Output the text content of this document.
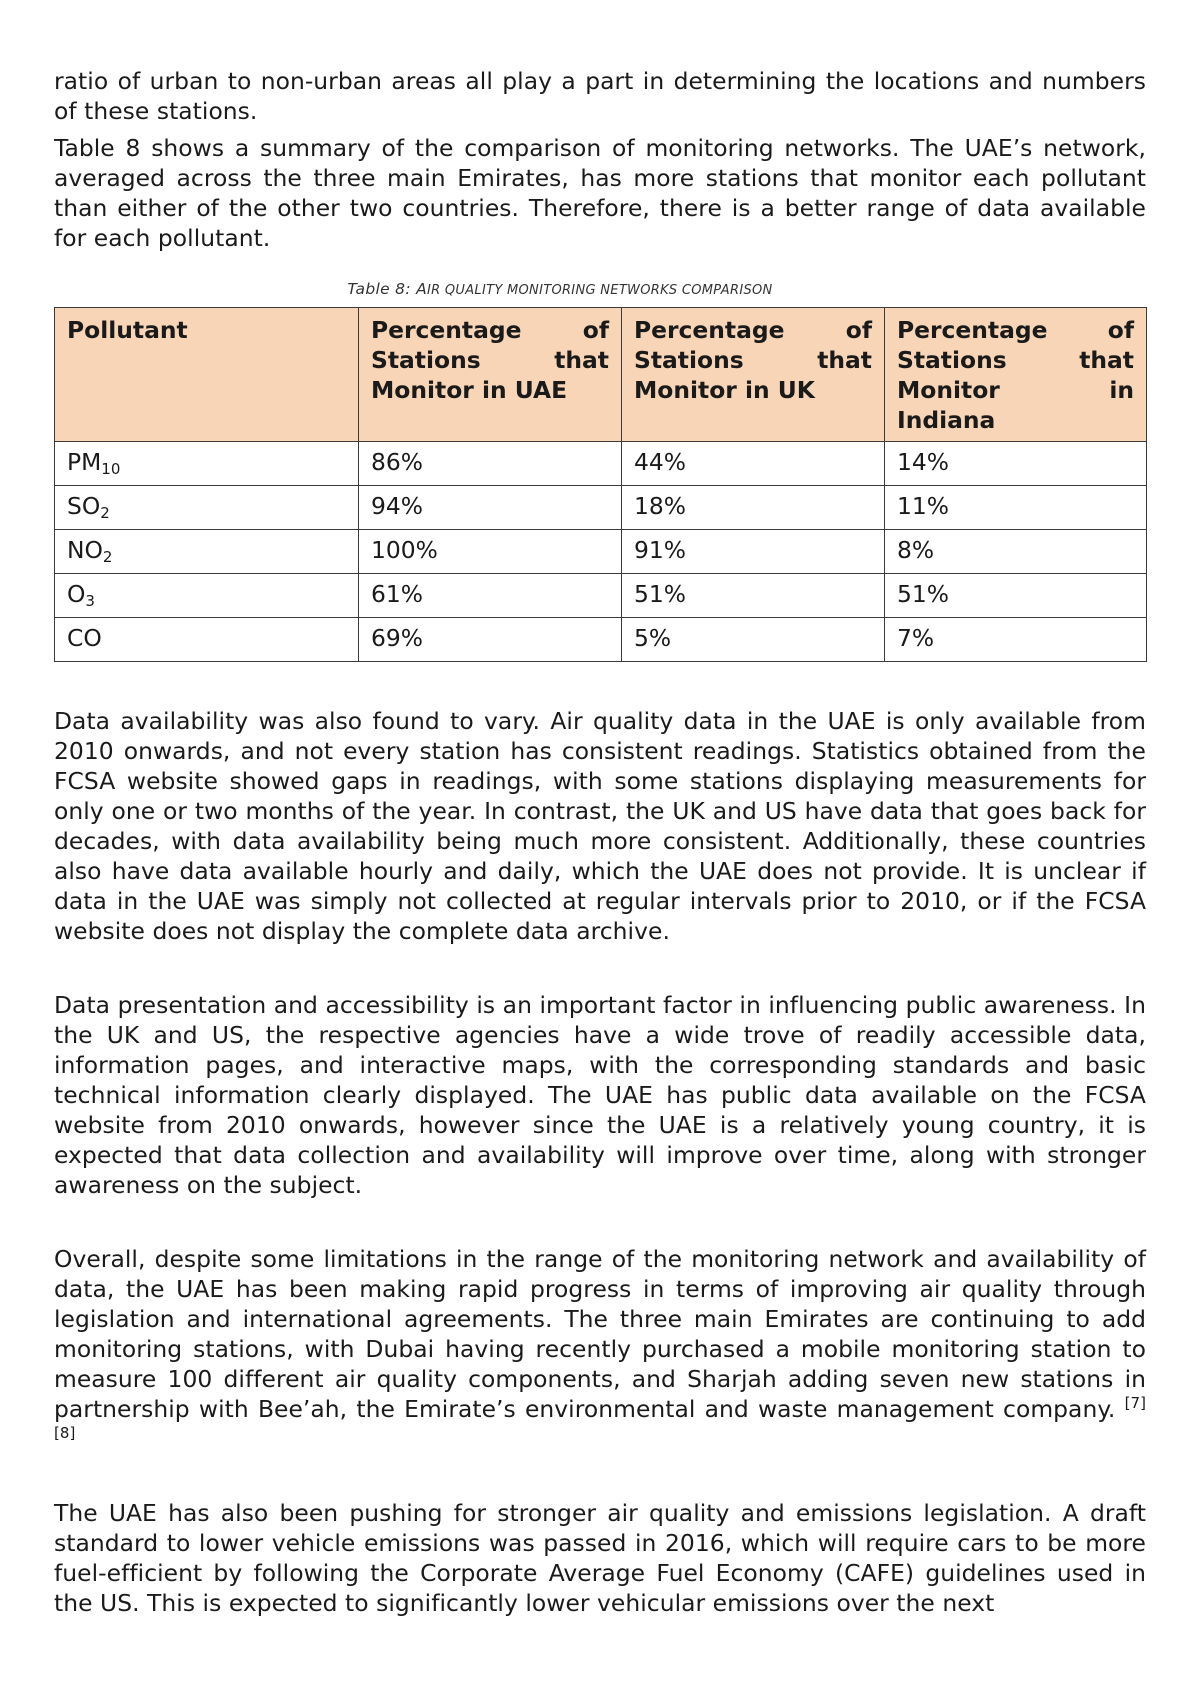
ratio of urban to non-urban areas all play a part in determining the locations and numbers of these stations.

Table 8 shows a summary of the comparison of monitoring networks. The UAE’s network, averaged across the three main Emirates, has more stations that monitor each pollutant than either of the other two countries. Therefore, there is a better range of data available for each pollutant.

Table 8: AIR QUALITY MONITORING NETWORKS COMPARISON
Pollutant	Percentage of Stations that Monitor in UAE	Percentage of Stations that Monitor in UK	Percentage of Stations that Monitor in Indiana
$PM_{10}$	86%	44%	14%
$SO_2$	94%	18%	11%
$NO_2$	100%	91%	8%
$O_3$	61%	51%	51%
CO	69%	5%	7%

Data availability was also found to vary. Air quality data in the UAE is only available from 2010 onwards, and not every station has consistent readings. Statistics obtained from the FCSA website showed gaps in readings, with some stations displaying measurements for only one or two months of the year. In contrast, the UK and US have data that goes back for decades, with data availability being much more consistent. Additionally, these countries also have data available hourly and daily, which the UAE does not provide. It is unclear if data in the UAE was simply not collected at regular intervals prior to 2010, or if the FCSA website does not display the complete data archive.

Data presentation and accessibility is an important factor in influencing public awareness. In the UK and US, the respective agencies have a wide trove of readily accessible data, information pages, and interactive maps, with the corresponding standards and basic technical information clearly displayed. The UAE has public data available on the FCSA website from 2010 onwards, however since the UAE is a relatively young country, it is expected that data collection and availability will improve over time, along with stronger awareness on the subject.

Overall, despite some limitations in the range of the monitoring network and availability of data, the UAE has been making rapid progress in terms of improving air quality through legislation and international agreements. The three main Emirates are continuing to add monitoring stations, with Dubai having recently purchased a mobile monitoring station to measure 100 different air quality components, and Sharjah adding seven new stations in partnership with Bee’ah, the Emirate’s environmental and waste management company. [7][8]

The UAE has also been pushing for stronger air quality and emissions legislation. A draft standard to lower vehicle emissions was passed in 2016, which will require cars to be more fuel-efficient by following the Corporate Average Fuel Economy (CAFE) guidelines used in the US. This is expected to significantly lower vehicular emissions over the next
